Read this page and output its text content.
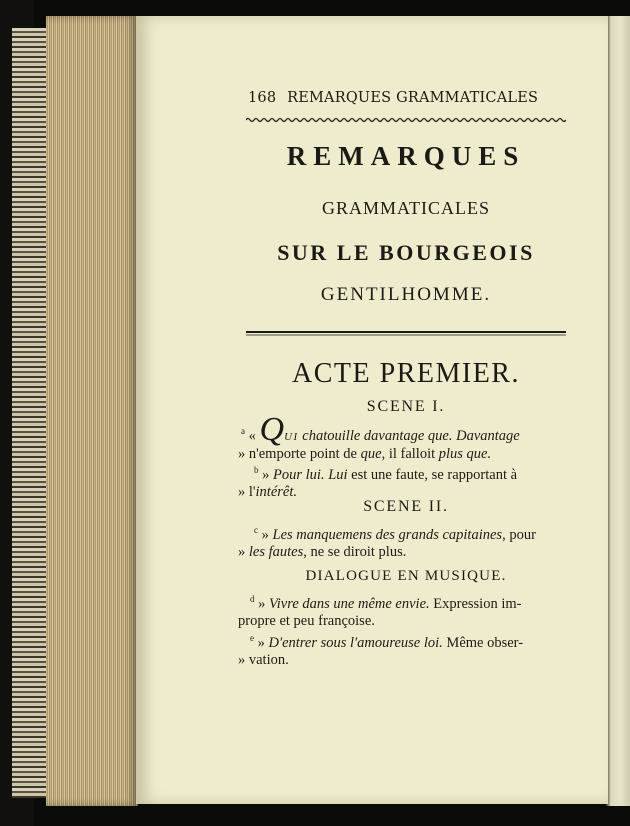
168 REMARQUES GRAMMATICALES
REMARQUES
GRAMMATICALES
SUR LE BOURGEOIS
GENTILHOMME.
ACTE PREMIER.
SCENE I.
$^a$ « QUI chatouille davantage que. Davantage
» n'emporte point de que, il falloit plus que.
$^b$ » Pour lui. Lui est une faute, se rapportant à
» l'intérêt.
SCENE II.
$^c$ » Les manquemens des grands capitaines, pour
» les fautes, ne se diroit plus.
DIALOGUE EN MUSIQUE.
$^d$ » Vivre dans une même envie. Expression im-
propre et peu françoise.
$^e$ » D'entrer sous l'amoureuse loi. Même obser-
» vation.
